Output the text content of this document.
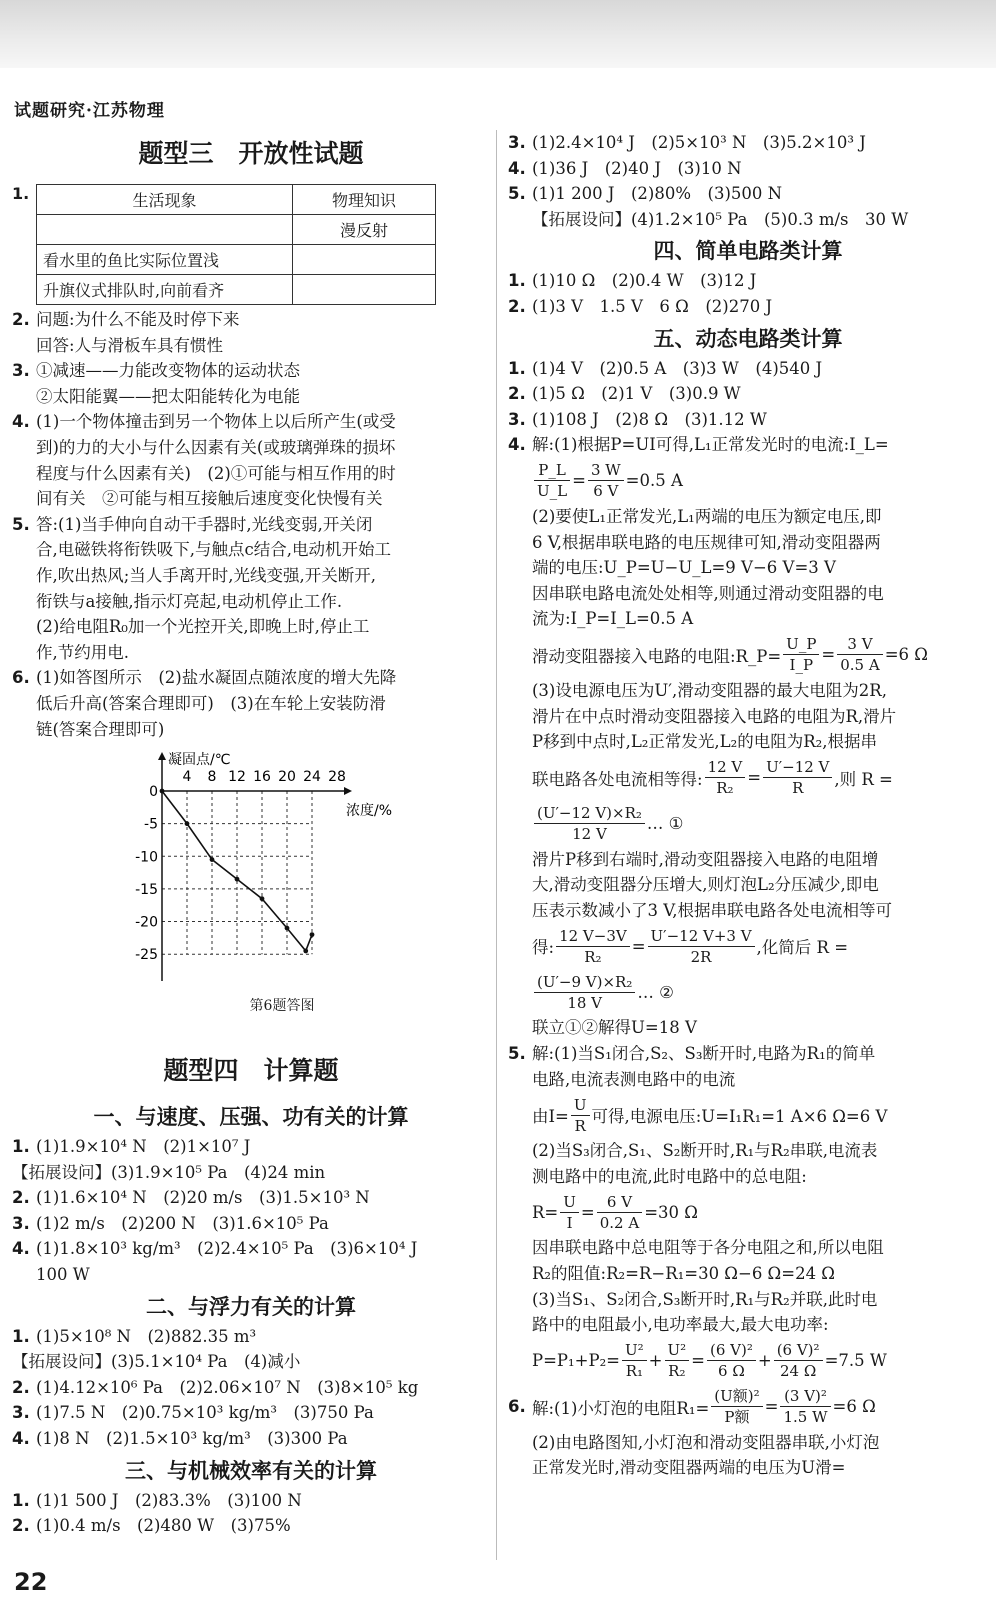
试题研究·江苏物理
题型三　开放性试题
1.	生活现象	物理知识
	漫反射
看水里的鱼比实际位置浅	
升旗仪式排队时,向前看齐	
2. 问题:为什么不能及时停下来
回答:人与滑板车具有惯性
3. ①减速——力能改变物体的运动状态
②太阳能翼——把太阳能转化为电能
4. (1)一个物体撞击到另一个物体上以后所产生(或受
到)的力的大小与什么因素有关(或玻璃弹珠的损坏
程度与什么因素有关)　(2)①可能与相互作用的时
间有关　②可能与相互接触后速度变化快慢有关
5. 答:(1)当手伸向自动干手器时,光线变弱,开关闭
合,电磁铁将衔铁吸下,与触点c结合,电动机开始工
作,吹出热风;当人手离开时,光线变强,开关断开,
衔铁与a接触,指示灯亮起,电动机停止工作.
(2)给电阻R₀加一个光控开关,即晚上时,停止工
作,节约用电.
6. (1)如答图所示　(2)盐水凝固点随浓度的增大先降
低后升高(答案合理即可)　(3)在车轮上安装防滑
链(答案合理即可)
4 8 12 16 20 24 28
0
-5
-10
-15
-20
-25
凝固点/℃
浓度/%
第6题答图
题型四　计算题
一、与速度、压强、功有关的计算
1. (1)1.9×10⁴ N　(2)1×10⁷ J
【拓展设问】(3)1.9×10⁵ Pa　(4)24 min
2. (1)1.6×10⁴ N　(2)20 m/s　(3)1.5×10³ N
3. (1)2 m/s　(2)200 N　(3)1.6×10⁵ Pa
4. (1)1.8×10³ kg/m³　(2)2.4×10⁵ Pa　(3)6×10⁴ J
100 W
二、与浮力有关的计算
1. (1)5×10⁸ N　(2)882.35 m³
【拓展设问】(3)5.1×10⁴ Pa　(4)减小
2. (1)4.12×10⁶ Pa　(2)2.06×10⁷ N　(3)8×10⁵ kg
3. (1)7.5 N　(2)0.75×10³ kg/m³　(3)750 Pa
4. (1)8 N　(2)1.5×10³ kg/m³　(3)300 Pa
三、与机械效率有关的计算
1. (1)1 500 J　(2)83.3%　(3)100 N
2. (1)0.4 m/s　(2)480 W　(3)75%
3. (1)2.4×10⁴ J　(2)5×10³ N　(3)5.2×10³ J
4. (1)36 J　(2)40 J　(3)10 N
5. (1)1 200 J　(2)80%　(3)500 N
【拓展设问】(4)1.2×10⁵ Pa　(5)0.3 m/s　30 W
四、简单电路类计算
1. (1)10 Ω　(2)0.4 W　(3)12 J
2. (1)3 V　1.5 V　6 Ω　(2)270 J
五、动态电路类计算
1. (1)4 V　(2)0.5 A　(3)3 W　(4)540 J
2. (1)5 Ω　(2)1 V　(3)0.9 W
3. (1)108 J　(2)8 Ω　(3)1.12 W
4. 解:(1)根据P=UI可得,L₁正常发光时的电流:I_L=
$\frac{P\_L}{U\_L} = \frac{3 W}{6 V} =0.5$ A
(2)要使L₁正常发光,L₁两端的电压为额定电压,即
6 V,根据串联电路的电压规律可知,滑动变阻器两
端的电压:U_P=U−U_L=9 V−6 V=3 V
因串联电路电流处处相等,则通过滑动变阻器的电
流为:I_P=I_L=0.5 A
滑动变阻器接入电路的电阻:R_P= $\frac{U\_P}{I\_P} = \frac{3 V}{0.5 A} =6$ Ω
(3)设电源电压为U′,滑动变阻器的最大电阻为2R,
滑片在中点时滑动变阻器接入电路的电阻为R,滑片
P移到中点时,L₂正常发光,L₂的电阻为R₂,根据串
联电路各处电流相等得: $\frac{12 V}{\text{R₂}} = \frac{U'-12 V}{R}$ ,则 R =
$\frac{\text{(U′−12 V)×R₂}}{12 V}$ … ①
滑片P移到右端时,滑动变阻器接入电路的电阻增
大,滑动变阻器分压增大,则灯泡L₂分压减少,即电
压表示数减小了3 V,根据串联电路各处电流相等可
得: $\frac{12 V-3V}{\text{R₂}} = \frac{U'-12 V+3 V}{2R}$ ,化简后 R =
$\frac{\text{(U′−9 V)×R₂}}{18 V}$ … ②
联立①②解得U=18 V
5. 解:(1)当S₁闭合,S₂、S₃断开时,电路为R₁的简单
电路,电流表测电路中的电流
由$I= \frac{U}{R}$ 可得,电源电压:U=I₁R₁=1 A×6 Ω=6 V
(2)当S₃闭合,S₁、S₂断开时,R₁与R₂串联,电流表
测电路中的电流,此时电路中的总电阻:
$R= \frac{U}{I} = \frac{6 V}{0.2 A} =30$ Ω
因串联电路中总电阻等于各分电阻之和,所以电阻
R₂的阻值:R₂=R−R₁=30 Ω−6 Ω=24 Ω
(3)当S₁、S₂闭合,S₃断开时,R₁与R₂并联,此时电
路中的电阻最小,电功率最大,最大电功率:
$P=P_1+P_2= \frac{\text{U²}}{\text{R₁}} + \frac{\text{U²}}{\text{R₂}} = \frac{\text{(6 V)²}}{6 \Omega} + \frac{\text{(6 V)²}}{24 \Omega} =7.5$ W
6. 解:(1)小灯泡的电阻$R_1= \frac{\text{(U额)²}}{\text{P额}} = \frac{\text{(3 V)²}}{1.5 W} =6$ Ω
(2)由电路图知,小灯泡和滑动变阻器串联,小灯泡
正常发光时,滑动变阻器两端的电压为U滑=
22
